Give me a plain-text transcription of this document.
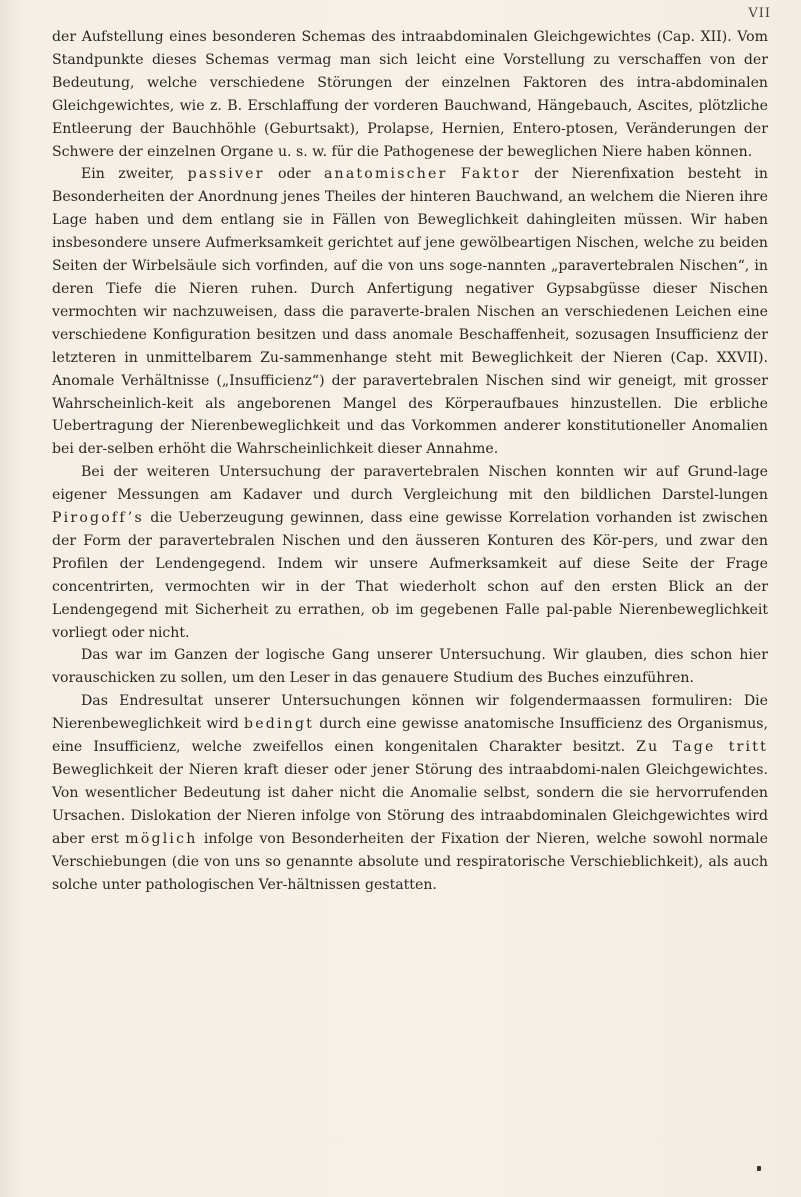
VII

der Aufstellung eines besonderen Schemas des intraabdominalen Gleichgewichtes (Cap. XII). Vom Standpunkte dieses Schemas vermag man sich leicht eine Vorstellung zu verschaffen von der Bedeutung, welche verschiedene Störungen der einzelnen Faktoren des intra-abdominalen Gleichgewichtes, wie z. B. Erschlaffung der vorderen Bauchwand, Hängebauch, Ascites, plötzliche Entleerung der Bauchhöhle (Geburtsakt), Prolapse, Hernien, Entero-ptosen, Veränderungen der Schwere der einzelnen Organe u. s. w. für die Pathogenese der beweglichen Niere haben können.

Ein zweiter, passiver oder anatomischer Faktor der Nierenfixation besteht in Besonderheiten der Anordnung jenes Theiles der hinteren Bauchwand, an welchem die Nieren ihre Lage haben und dem entlang sie in Fällen von Beweglichkeit dahingleiten müssen. Wir haben insbesondere unsere Aufmerksamkeit gerichtet auf jene gewölbeartigen Nischen, welche zu beiden Seiten der Wirbelsäule sich vorfinden, auf die von uns soge-nannten „paravertebralen Nischen“, in deren Tiefe die Nieren ruhen. Durch Anfertigung negativer Gypsabgüsse dieser Nischen vermochten wir nachzuweisen, dass die paraverte-bralen Nischen an verschiedenen Leichen eine verschiedene Konfiguration besitzen und dass anomale Beschaffenheit, sozusagen Insufficienz der letzteren in unmittelbarem Zu-sammenhange steht mit Beweglichkeit der Nieren (Cap. XXVII). Anomale Verhältnisse („Insufficienz“) der paravertebralen Nischen sind wir geneigt, mit grosser Wahrscheinlich-keit als angeborenen Mangel des Körperaufbaues hinzustellen. Die erbliche Uebertragung der Nierenbeweglichkeit und das Vorkommen anderer konstitutioneller Anomalien bei der-selben erhöht die Wahrscheinlichkeit dieser Annahme.

Bei der weiteren Untersuchung der paravertebralen Nischen konnten wir auf Grund-lage eigener Messungen am Kadaver und durch Vergleichung mit den bildlichen Darstel-lungen Pirogoff’s die Ueberzeugung gewinnen, dass eine gewisse Korrelation vorhanden ist zwischen der Form der paravertebralen Nischen und den äusseren Konturen des Kör-pers, und zwar den Profilen der Lendengegend. Indem wir unsere Aufmerksamkeit auf diese Seite der Frage concentrirten, vermochten wir in der That wiederholt schon auf den ersten Blick an der Lendengegend mit Sicherheit zu errathen, ob im gegebenen Falle pal-pable Nierenbeweglichkeit vorliegt oder nicht.

Das war im Ganzen der logische Gang unserer Untersuchung. Wir glauben, dies schon hier vorauschicken zu sollen, um den Leser in das genauere Studium des Buches einzuführen.

Das Endresultat unserer Untersuchungen können wir folgendermaassen formuliren: Die Nierenbeweglichkeit wird bedingt durch eine gewisse anatomische Insufficienz des Organismus, eine Insufficienz, welche zweifellos einen kongenitalen Charakter besitzt. Zu Tage tritt Beweglichkeit der Nieren kraft dieser oder jener Störung des intraabdomi-nalen Gleichgewichtes. Von wesentlicher Bedeutung ist daher nicht die Anomalie selbst, sondern die sie hervorrufenden Ursachen. Dislokation der Nieren infolge von Störung des intraabdominalen Gleichgewichtes wird aber erst möglich infolge von Besonderheiten der Fixation der Nieren, welche sowohl normale Verschiebungen (die von uns so genannte absolute und respiratorische Verschieblichkeit), als auch solche unter pathologischen Ver-hältnissen gestatten.
